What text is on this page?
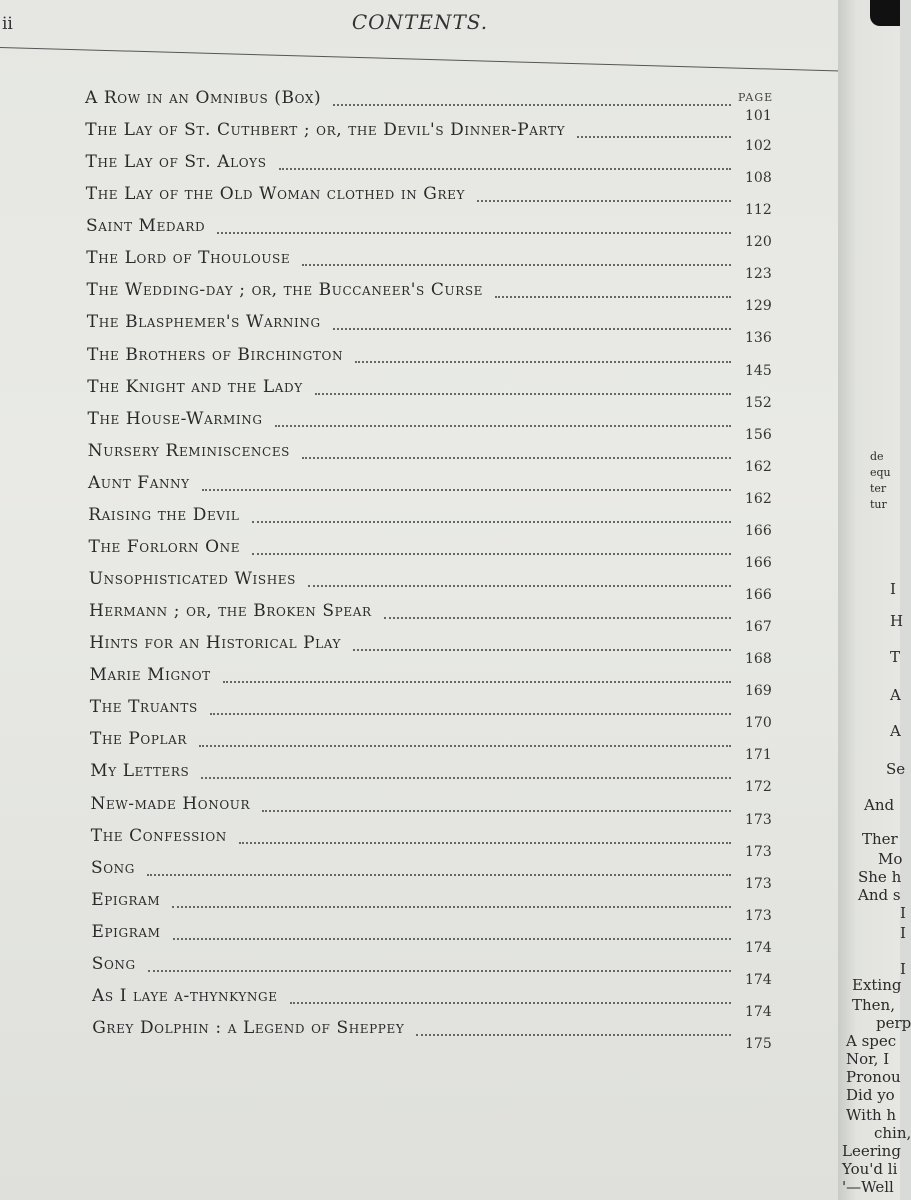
ii	CONTENTS.
PAGE
A Row in an Omnibus (Box)
101
The Lay of St. Cuthbert ; or, the Devil's Dinner-Party
102
The Lay of St. Aloys
108
The Lay of the Old Woman clothed in Grey
112
Saint Medard
120
The Lord of Thoulouse
123
The Wedding-day ; or, the Buccaneer's Curse
129
The Blasphemer's Warning
136
The Brothers of Birchington
145
The Knight and the Lady
152
The House-Warming
156
Nursery Reminiscences
162
Aunt Fanny
162
Raising the Devil
166
The Forlorn One
166
Unsophisticated Wishes
166
Hermann ; or, the Broken Spear
167
Hints for an Historical Play
168
Marie Mignot
169
The Truants
170
The Poplar
171
My Letters
172
New-made Honour
173
The Confession
173
Song
173
Epigram
173
Epigram
174
Song
174
As I laye a-thynkynge
174
Grey Dolphin : a Legend of Sheppey
175
de
equ
ter
tur
I
H
T
A
A
Se
And
Ther
Mo
She h
And s
I
I
I
Exting
Then,
perp
A spec
Nor, I
Pronou
Did yo
With h
chin,
Leering
You'd li
'—Well
